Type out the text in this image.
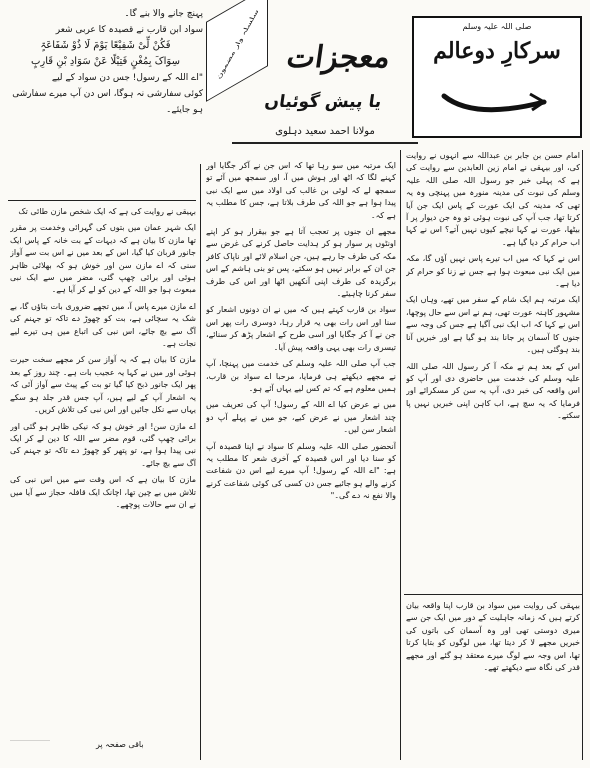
پہنچ جانے والا بنے گا۔
سواد ابن قارب نے قصیدہ کا عربی شعر
فَکُنْ لِّیْ شَفِیْعًا یَوْمَ لَا ذُوْ شَفَاعَۃٍ
سِوَاکَ بِمُغْنٍ فَتِیْلًا عَنْ سَوَادِ بْنِ قَارِبٍ
"اے اللہ کے رسول! جس دن سواد کے لیے
کوئی سفارشی نہ ہوگا، اس دن آپ میرے سفارشی
ہو جایئے۔
سلسلہ وار مضمون معجزات
یا پیش گوئیاں
مولانا احمد سعید دہلوی
صلی اللہ علیہ وسلم
سرکارِ دوعالم

بہیقی نے روایت کی ہے کہ ایک شخص مازن طائی تک

ایک شہر عمان میں بتوں کی گہرائی وخدمت پر مقرر تھا مازن کا بیان ہے کہ دیہات کے بت خانہ کے پاس ایک جانور قربان کیا گیا، اس کے بعد میں نے اس بت سے آواز سنی کہ اے مازن سن اور خوش ہو کہ بھلائی ظاہر ہوئی اور برائی چھپ گئی، مضر میں سے ایک نبی مبعوث ہوا جو اللہ کے دین کو لے کر آیا ہے۔

اے مازن میرے پاس آ، میں تجھے ضروری بات بتاؤں گا، بے شک یہ سچائی ہے، بت کو چھوڑ دے تاکہ تو جہنم کی آگ سے بچ جائے، اس نبی کی اتباع میں ہی تیرے لیے نجات ہے۔

مازن کا بیان ہے کہ یہ آواز سن کر مجھے سخت حیرت ہوئی اور میں نے کہا یہ عجیب بات ہے۔ چند روز کے بعد پھر ایک جانور ذبح کیا گیا تو بت کے پیٹ سے آواز آئی کہ یہ اشعار آپ کے لیے ہیں، آپ جس قدر جلد ہو سکے یہاں سے نکل جائیں اور اس نبی کی تلاش کریں۔

اے مازن سن! اور خوش ہو کہ نیکی ظاہر ہو گئی اور برائی چھپ گئی، قوم مضر سے اللہ کا دین لے کر ایک نبی پیدا ہوا ہے، تو پتھر کو چھوڑ دے تاکہ تو جہنم کی آگ سے بچ جائے۔

مازن کا بیان ہے کہ اس وقت سے میں اس نبی کی تلاش میں بے چین تھا، اچانک ایک قافلہ حجاز سے آیا میں نے ان سے حالات پوچھے۔

باقی صفحہ پر

ایک مرتبہ میں سو رہا تھا کہ اس جن نے آکر جگایا اور کہنے لگا کہ اٹھ اور ہوش میں آ، اور سمجھ میں آئے تو سمجھ لے کہ لوئی بن غالب کی اولاد میں سے ایک نبی پیدا ہوا ہے جو اللہ کی طرف بلاتا ہے، جس کا مطلب یہ ہے کہ۔

مجھے ان جنوں پر تعجب آتا ہے جو بیقرار ہو کر اپنے اونٹوں پر سوار ہو کر ہدایت حاصل کرنے کی غرض سے مکہ کی طرف جا رہے ہیں، جن اسلام لائے اور ناپاک کافر جن ان کے برابر نہیں ہو سکتے، پس تو بنی ہاشم کے اس برگزیدہ کی طرف اپنی آنکھیں اٹھا اور اس کی طرف سفر کرنا چاہیئے۔

سواد بن قارب کہتے ہیں کہ میں نے ان دونوں اشعار کو سنا اور اس رات بھی یہ قرار رہا، دوسری رات پھر اس جن نے آ کر جگایا اور اسی طرح کے اشعار پڑھ کر سنائے، تیسری رات بھی یہی واقعہ پیش آیا۔

جب آپ صلی اللہ علیہ وسلم کی خدمت میں پہنچا، آپ نے مجھے دیکھتے ہی فرمایا، مرحبا اے سواد بن قارب، ہمیں معلوم ہے کہ تم کس لیے یہاں آئے ہو۔

میں نے عرض کیا اے اللہ کے رسول! آپ کی تعریف میں چند اشعار میں نے عرض کیے، جو میں نے پہلے آپ دو اشعار سن لیں۔

آنحضور صلی اللہ علیہ وسلم کا سواد نے اپنا قصیدہ آپ کو سنا دیا اور اس قصیدہ کے آخری شعر کا مطلب یہ ہے: "اے اللہ کے رسول! آپ میرے لیے اس دن شفاعت کرنے والے ہو جائیے جس دن کسی کی کوئی شفاعت کرنے والا نفع نہ دے گی۔"

امام حسن بن جابر بن عبداللہ سے انہوں نے روایت کی، اور بیہقی نے امام زین العابدین سے روایت کی ہے کہ پہلی خبر جو رسول اللہ صلی اللہ علیہ وسلم کی نبوت کی مدینہ منورہ میں پہنچی وہ یہ تھی کہ مدینہ کی ایک عورت کے پاس ایک جن آیا کرتا تھا، جب آپ کی نبوت ہوئی تو وہ جن دیوار پر آ بیٹھا، عورت نے کہا نیچے کیوں نہیں آتے؟ اس نے کہا اب حرام کر دیا گیا ہے۔

اس نے کہا کہ میں اب تیرے پاس نہیں آؤں گا، مکہ میں ایک نبی مبعوث ہوا ہے جس نے زنا کو حرام کر دیا ہے۔

ایک مرتبہ ہم ایک شام کے سفر میں تھے، وہاں ایک مشہور کاہنہ عورت تھی، ہم نے اس سے حال پوچھا، اس نے کہا کہ اب ایک نبی آگیا ہے جس کی وجہ سے جنوں کا آسمان پر جانا بند ہو گیا ہے اور خبریں آنا بند ہوگئی ہیں۔

اس کے بعد ہم نے مکہ آ کر رسول اللہ صلی اللہ علیہ وسلم کی خدمت میں حاضری دی اور آپ کو اس واقعہ کی خبر دی، آپ یہ سن کر مسکرائے اور فرمایا کہ یہ سچ ہے، اب کاہن اپنی خبریں نہیں پا سکتے۔

بیہقی کی روایت میں سواد بن قارب اپنا واقعہ بیان کرتے ہیں کہ زمانہ جاہلیت کے دور میں ایک جن سے میری دوستی تھی اور وہ آسمان کی باتوں کی خبریں مجھے لا کر دیتا تھا، میں لوگوں کو بتایا کرتا تھا، اس وجہ سے لوگ میرے معتقد ہو گئے اور مجھے قدر کی نگاہ سے دیکھتے تھے۔
